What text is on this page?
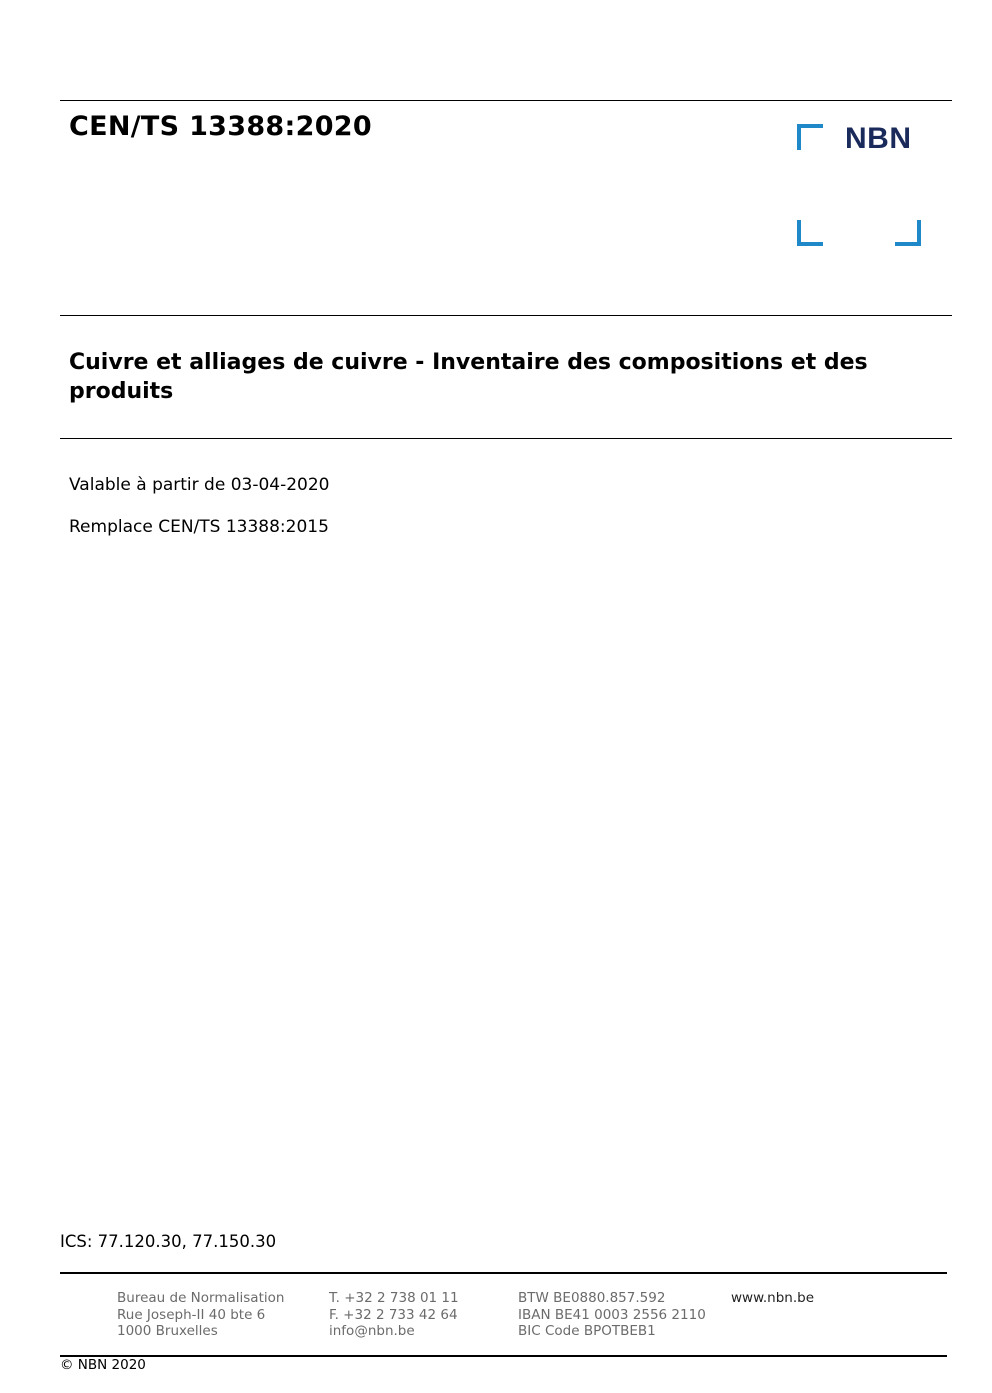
CEN/TS 13388:2020	NBN
Cuivre et alliages de cuivre - Inventaire des compositions et des produits
Valable à partir de 03-04-2020
Remplace CEN/TS 13388:2015
ICS: 77.120.30, 77.150.30
Bureau de Normalisation
Rue Joseph-II 40 bte 6
1000 Bruxelles
T. +32 2 738 01 11
F. +32 2 733 42 64
info@nbn.be
BTW BE0880.857.592
IBAN BE41 0003 2556 2110
BIC Code BPOTBEB1
www.nbn.be
© NBN 2020
